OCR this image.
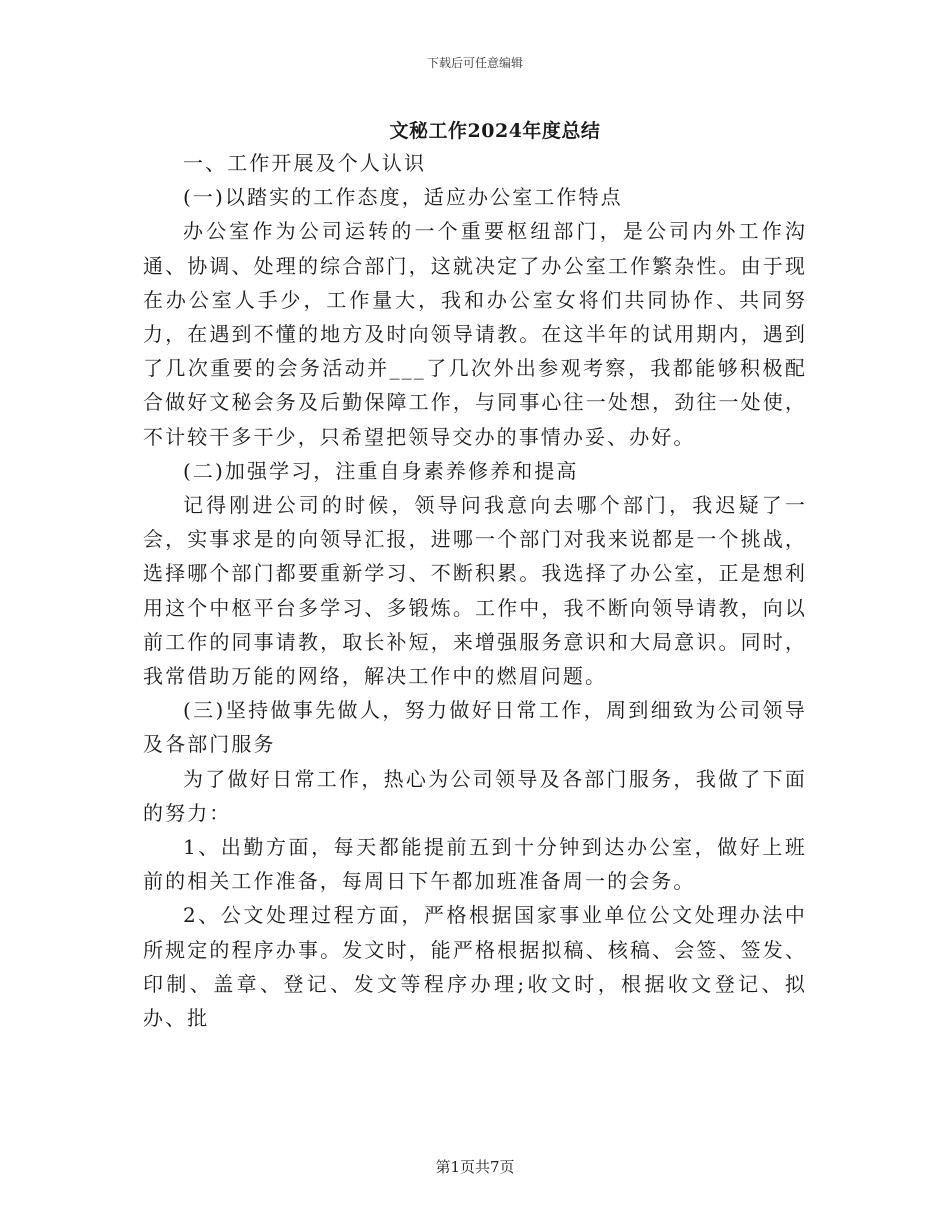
下载后可任意编辑
文秘工作2024年度总结

一、工作开展及个人认识

(一)以踏实的工作态度，适应办公室工作特点

办公室作为公司运转的一个重要枢纽部门，是公司内外工作沟通、协调、处理的综合部门，这就决定了办公室工作繁杂性。由于现在办公室人手少，工作量大，我和办公室女将们共同协作、共同努力，在遇到不懂的地方及时向领导请教。在这半年的试用期内，遇到了几次重要的会务活动并___了几次外出参观考察，我都能够积极配合做好文秘会务及后勤保障工作，与同事心往一处想，劲往一处使，不计较干多干少，只希望把领导交办的事情办妥、办好。

(二)加强学习，注重自身素养修养和提高

记得刚进公司的时候，领导问我意向去哪个部门，我迟疑了一会，实事求是的向领导汇报，进哪一个部门对我来说都是一个挑战，选择哪个部门都要重新学习、不断积累。我选择了办公室，正是想利用这个中枢平台多学习、多锻炼。工作中，我不断向领导请教，向以前工作的同事请教，取长补短，来增强服务意识和大局意识。同时，我常借助万能的网络，解决工作中的燃眉问题。

(三)坚持做事先做人，努力做好日常工作，周到细致为公司领导及各部门服务

为了做好日常工作，热心为公司领导及各部门服务，我做了下面的努力：

1、出勤方面，每天都能提前五到十分钟到达办公室，做好上班前的相关工作准备，每周日下午都加班准备周一的会务。

2、公文处理过程方面，严格根据国家事业单位公文处理办法中所规定的程序办事。发文时，能严格根据拟稿、核稿、会签、签发、印制、盖章、登记、发文等程序办理;收文时，根据收文登记、拟办、批

第1页共7页
